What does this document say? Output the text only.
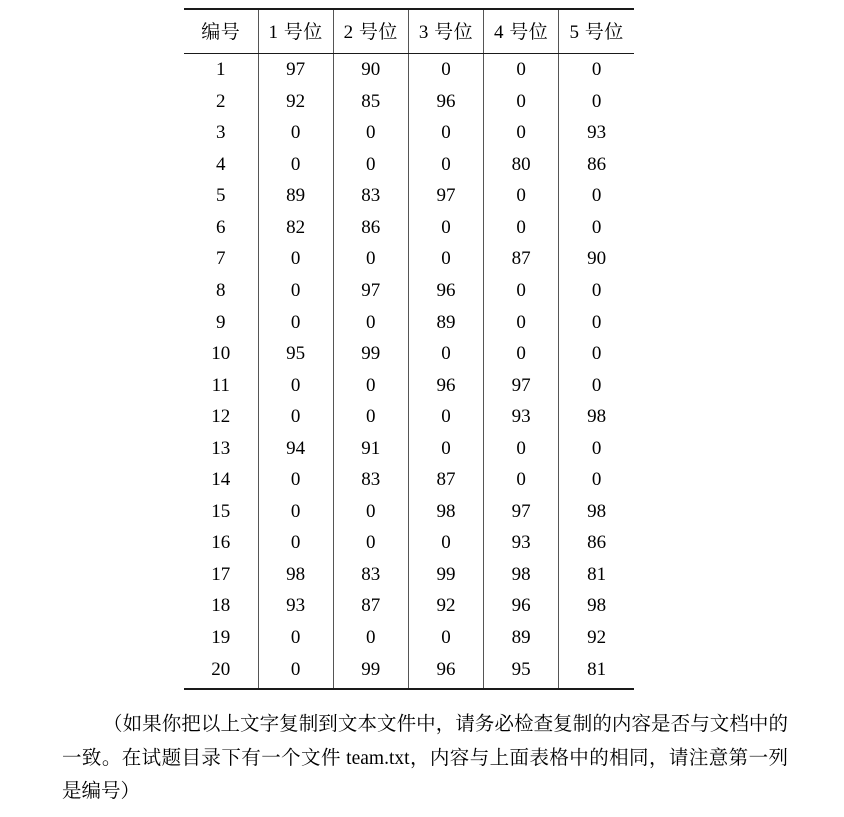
编号	1 号位	2 号位	3 号位	4 号位	5 号位
1	97	90	0	0	0
2	92	85	96	0	0
3	0	0	0	0	93
4	0	0	0	80	86
5	89	83	97	0	0
6	82	86	0	0	0
7	0	0	0	87	90
8	0	97	96	0	0
9	0	0	89	0	0
10	95	99	0	0	0
11	0	0	96	97	0
12	0	0	0	93	98
13	94	91	0	0	0
14	0	83	87	0	0
15	0	0	98	97	98
16	0	0	0	93	86
17	98	83	99	98	81
18	93	87	92	96	98
19	0	0	0	89	92
20	0	99	96	95	81
（如果你把以上文字复制到文本文件中，请务必检查复制的内容是否与文档中的一致。在试题目录下有一个文件 team.txt，内容与上面表格中的相同，请注意第一列是编号）
